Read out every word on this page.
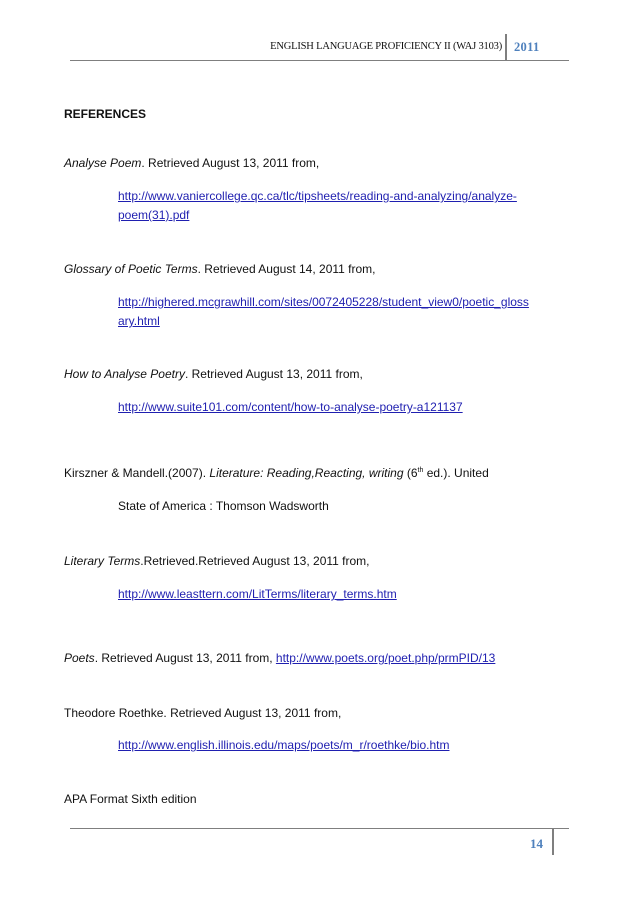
ENGLISH LANGUAGE PROFICIENCY II (WAJ 3103) 2011
REFERENCES
Analyse Poem. Retrieved August 13, 2011 from,
http://www.vaniercollege.qc.ca/tlc/tipsheets/reading-and-analyzing/analyze-
poem(31).pdf
Glossary of Poetic Terms. Retrieved August 14, 2011 from,
http://highered.mcgrawhill.com/sites/0072405228/student_view0/poetic_gloss
ary.html
How to Analyse Poetry. Retrieved August 13, 2011 from,
http://www.suite101.com/content/how-to-analyse-poetry-a121137
Kirszner & Mandell.(2007). Literature: Reading,Reacting, writing (6th ed.). United
State of America : Thomson Wadsworth
Literary Terms.Retrieved.Retrieved August 13, 2011 from,
http://www.leasttern.com/LitTerms/literary_terms.htm
Poets. Retrieved August 13, 2011 from, http://www.poets.org/poet.php/prmPID/13
Theodore Roethke. Retrieved August 13, 2011 from,
http://www.english.illinois.edu/maps/poets/m_r/roethke/bio.htm
APA Format Sixth edition
14
